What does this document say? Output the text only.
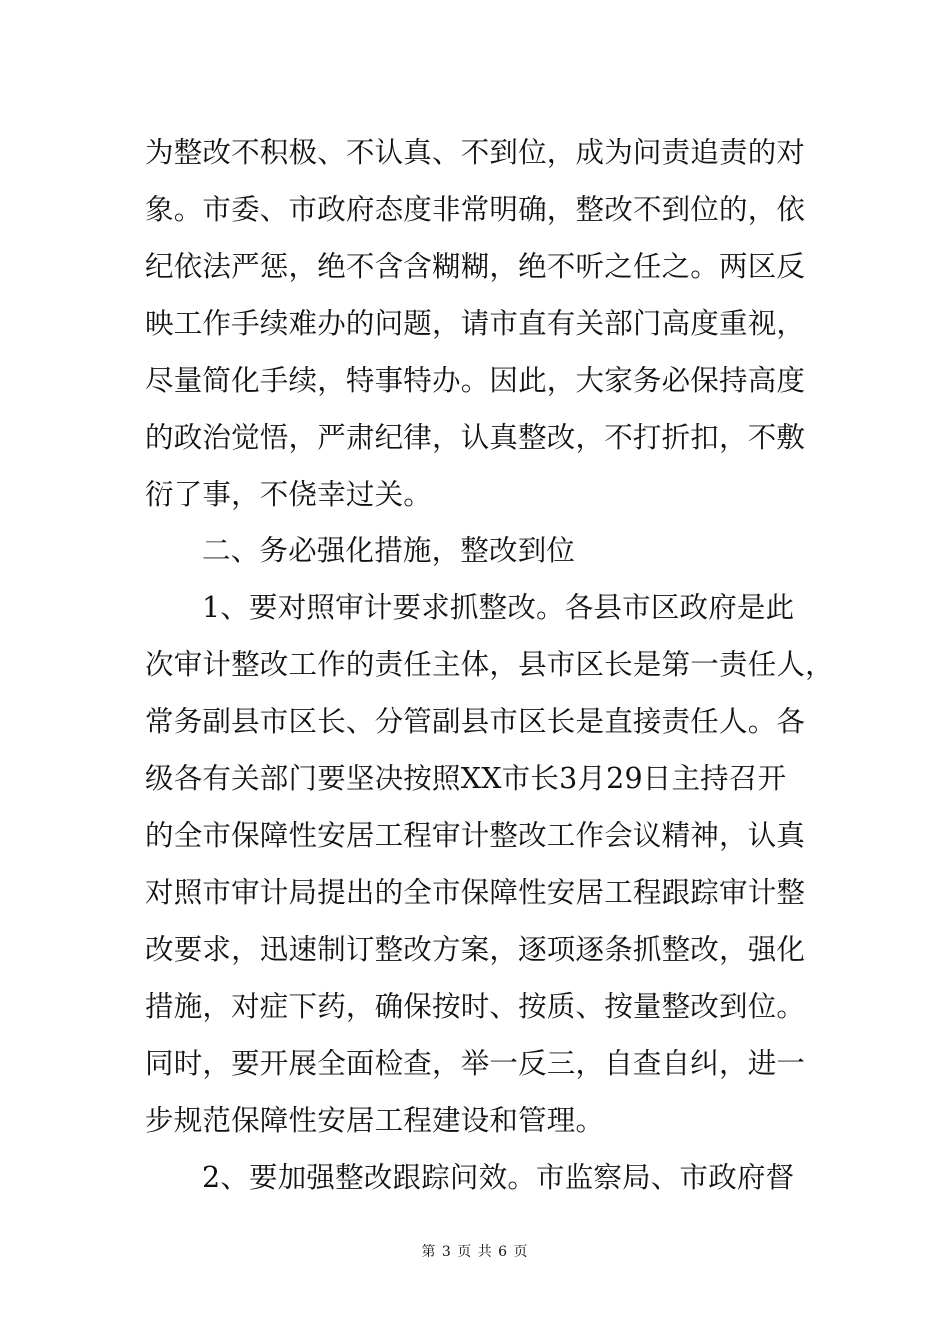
为整改不积极、不认真、不到位，成为问责追责的对
象。市委、市政府态度非常明确，整改不到位的，依
纪依法严惩，绝不含含糊糊，绝不听之任之。两区反
映工作手续难办的问题，请市直有关部门高度重视，
尽量简化手续，特事特办。因此，大家务必保持高度
的政治觉悟，严肃纪律，认真整改，不打折扣，不敷
衍了事，不侥幸过关。
二、务必强化措施，整改到位
1、要对照审计要求抓整改。各县市区政府是此
次审计整改工作的责任主体，县市区长是第一责任人，
常务副县市区长、分管副县市区长是直接责任人。各
级各有关部门要坚决按照XX市长3月29日主持召开
的全市保障性安居工程审计整改工作会议精神，认真
对照市审计局提出的全市保障性安居工程跟踪审计整
改要求，迅速制订整改方案，逐项逐条抓整改，强化
措施，对症下药，确保按时、按质、按量整改到位。
同时，要开展全面检查，举一反三，自查自纠，进一
步规范保障性安居工程建设和管理。
2、要加强整改跟踪问效。市监察局、市政府督
第 3 页 共 6 页
